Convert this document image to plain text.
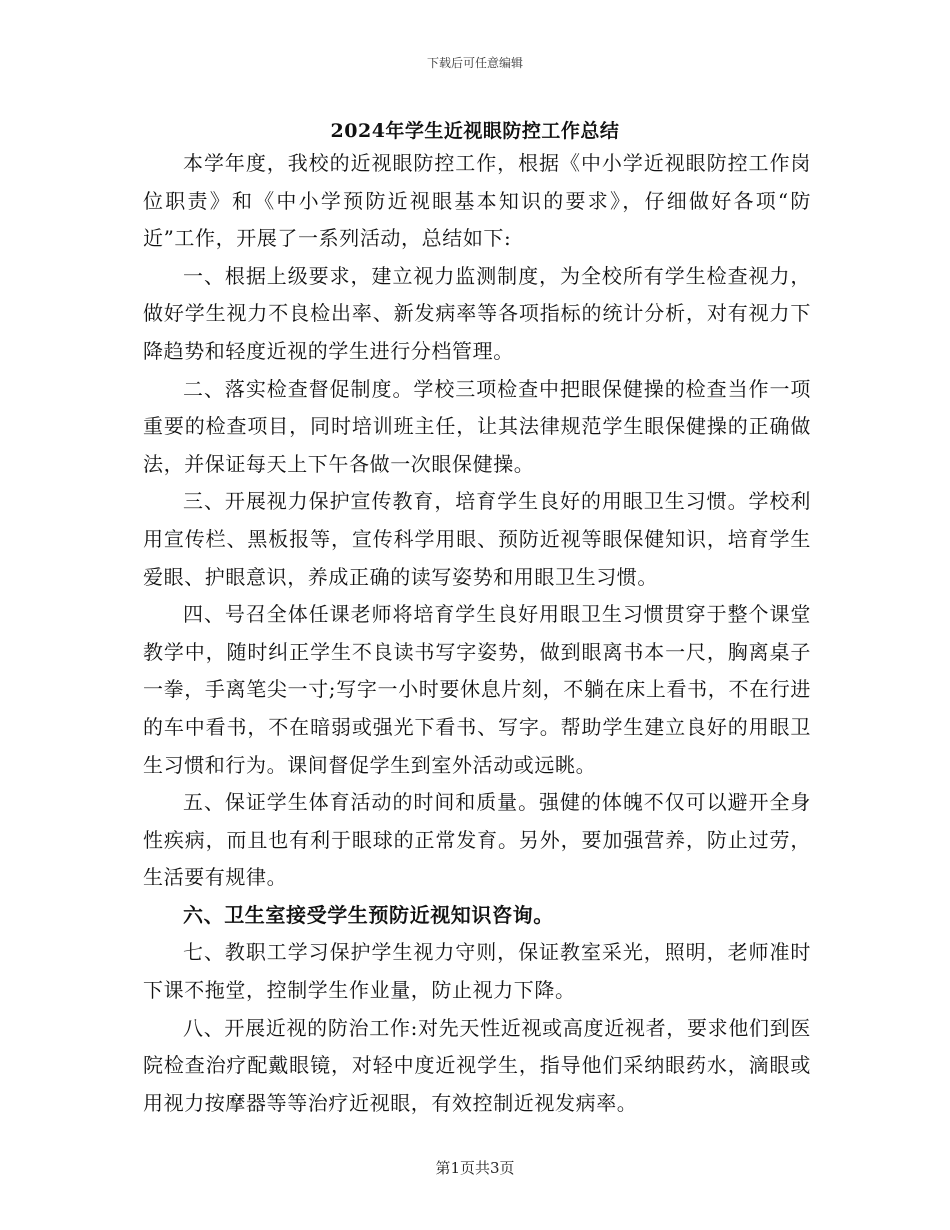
下载后可任意编辑
2024年学生近视眼防控工作总结

本学年度，我校的近视眼防控工作，根据《中小学近视眼防控工作岗位职责》和《中小学预防近视眼基本知识的要求》，仔细做好各项“防近”工作，开展了一系列活动，总结如下:

一、根据上级要求，建立视力监测制度，为全校所有学生检查视力，做好学生视力不良检出率、新发病率等各项指标的统计分析，对有视力下降趋势和轻度近视的学生进行分档管理。

二、落实检查督促制度。学校三项检查中把眼保健操的检查当作一项重要的检查项目，同时培训班主任，让其法律规范学生眼保健操的正确做法，并保证每天上下午各做一次眼保健操。

三、开展视力保护宣传教育，培育学生良好的用眼卫生习惯。学校利用宣传栏、黑板报等，宣传科学用眼、预防近视等眼保健知识，培育学生爱眼、护眼意识，养成正确的读写姿势和用眼卫生习惯。

四、号召全体任课老师将培育学生良好用眼卫生习惯贯穿于整个课堂教学中，随时纠正学生不良读书写字姿势，做到眼离书本一尺，胸离桌子一拳，手离笔尖一寸;写字一小时要休息片刻，不躺在床上看书，不在行进的车中看书，不在暗弱或强光下看书、写字。帮助学生建立良好的用眼卫生习惯和行为。课间督促学生到室外活动或远眺。

五、保证学生体育活动的时间和质量。强健的体魄不仅可以避开全身性疾病，而且也有利于眼球的正常发育。另外，要加强营养，防止过劳，生活要有规律。

六、卫生室接受学生预防近视知识咨询。

七、教职工学习保护学生视力守则，保证教室采光，照明，老师准时下课不拖堂，控制学生作业量，防止视力下降。

八、开展近视的防治工作:对先天性近视或高度近视者，要求他们到医院检查治疗配戴眼镜，对轻中度近视学生，指导他们采纳眼药水，滴眼或用视力按摩器等等治疗近视眼，有效控制近视发病率。

第1页共3页
